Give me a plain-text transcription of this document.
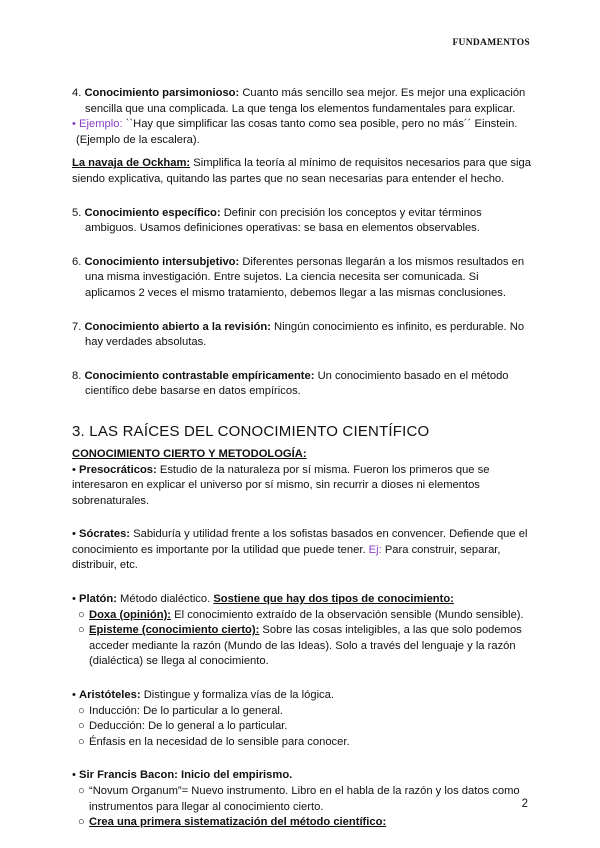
FUNDAMENTOS

4. Conocimiento parsimonioso: Cuanto más sencillo sea mejor. Es mejor una explicación sencilla que una complicada. La que tenga los elementos fundamentales para explicar.

• Ejemplo: ``Hay que simplificar las cosas tanto como sea posible, pero no más´´ Einstein.

(Ejemplo de la escalera).

La navaja de Ockham: Simplifica la teoría al mínimo de requisitos necesarios para que siga siendo explicativa, quitando las partes que no sean necesarias para entender el hecho.

5. Conocimiento específico: Definir con precisión los conceptos y evitar términos ambiguos. Usamos definiciones operativas: se basa en elementos observables.

6. Conocimiento intersubjetivo: Diferentes personas llegarán a los mismos resultados en una misma investigación. Entre sujetos. La ciencia necesita ser comunicada. Si aplicamos 2 veces el mismo tratamiento, debemos llegar a las mismas conclusiones.

7. Conocimiento abierto a la revisión: Ningún conocimiento es infinito, es perdurable. No hay verdades absolutas.

8. Conocimiento contrastable empíricamente: Un conocimiento basado en el método científico debe basarse en datos empíricos.

3. LAS RAÍCES DEL CONOCIMIENTO CIENTÍFICO

CONOCIMIENTO CIERTO Y METODOLOGÍA:

• Presocráticos: Estudio de la naturaleza por sí misma. Fueron los primeros que se interesaron en explicar el universo por sí mismo, sin recurrir a dioses ni elementos sobrenaturales.

• Sócrates: Sabiduría y utilidad frente a los sofistas basados en convencer. Defiende que el conocimiento es importante por la utilidad que puede tener. Ej: Para construir, separar, distribuir, etc.

• Platón: Método dialéctico. Sostiene que hay dos tipos de conocimiento:

○ Doxa (opinión): El conocimiento extraído de la observación sensible (Mundo sensible).

○ Episteme (conocimiento cierto): Sobre las cosas inteligibles, a las que solo podemos acceder mediante la razón (Mundo de las Ideas). Solo a través del lenguaje y la razón (dialéctica) se llega al conocimiento.

• Aristóteles: Distingue y formaliza vías de la lógica.

○ Inducción: De lo particular a lo general.

○ Deducción: De lo general a lo particular.

○ Énfasis en la necesidad de lo sensible para conocer.

• Sir Francis Bacon: Inicio del empirismo.

○ “Novum Organum”= Nuevo instrumento. Libro en el habla de la razón y los datos como instrumentos para llegar al conocimiento cierto.

○ Crea una primera sistematización del método científico:

2
